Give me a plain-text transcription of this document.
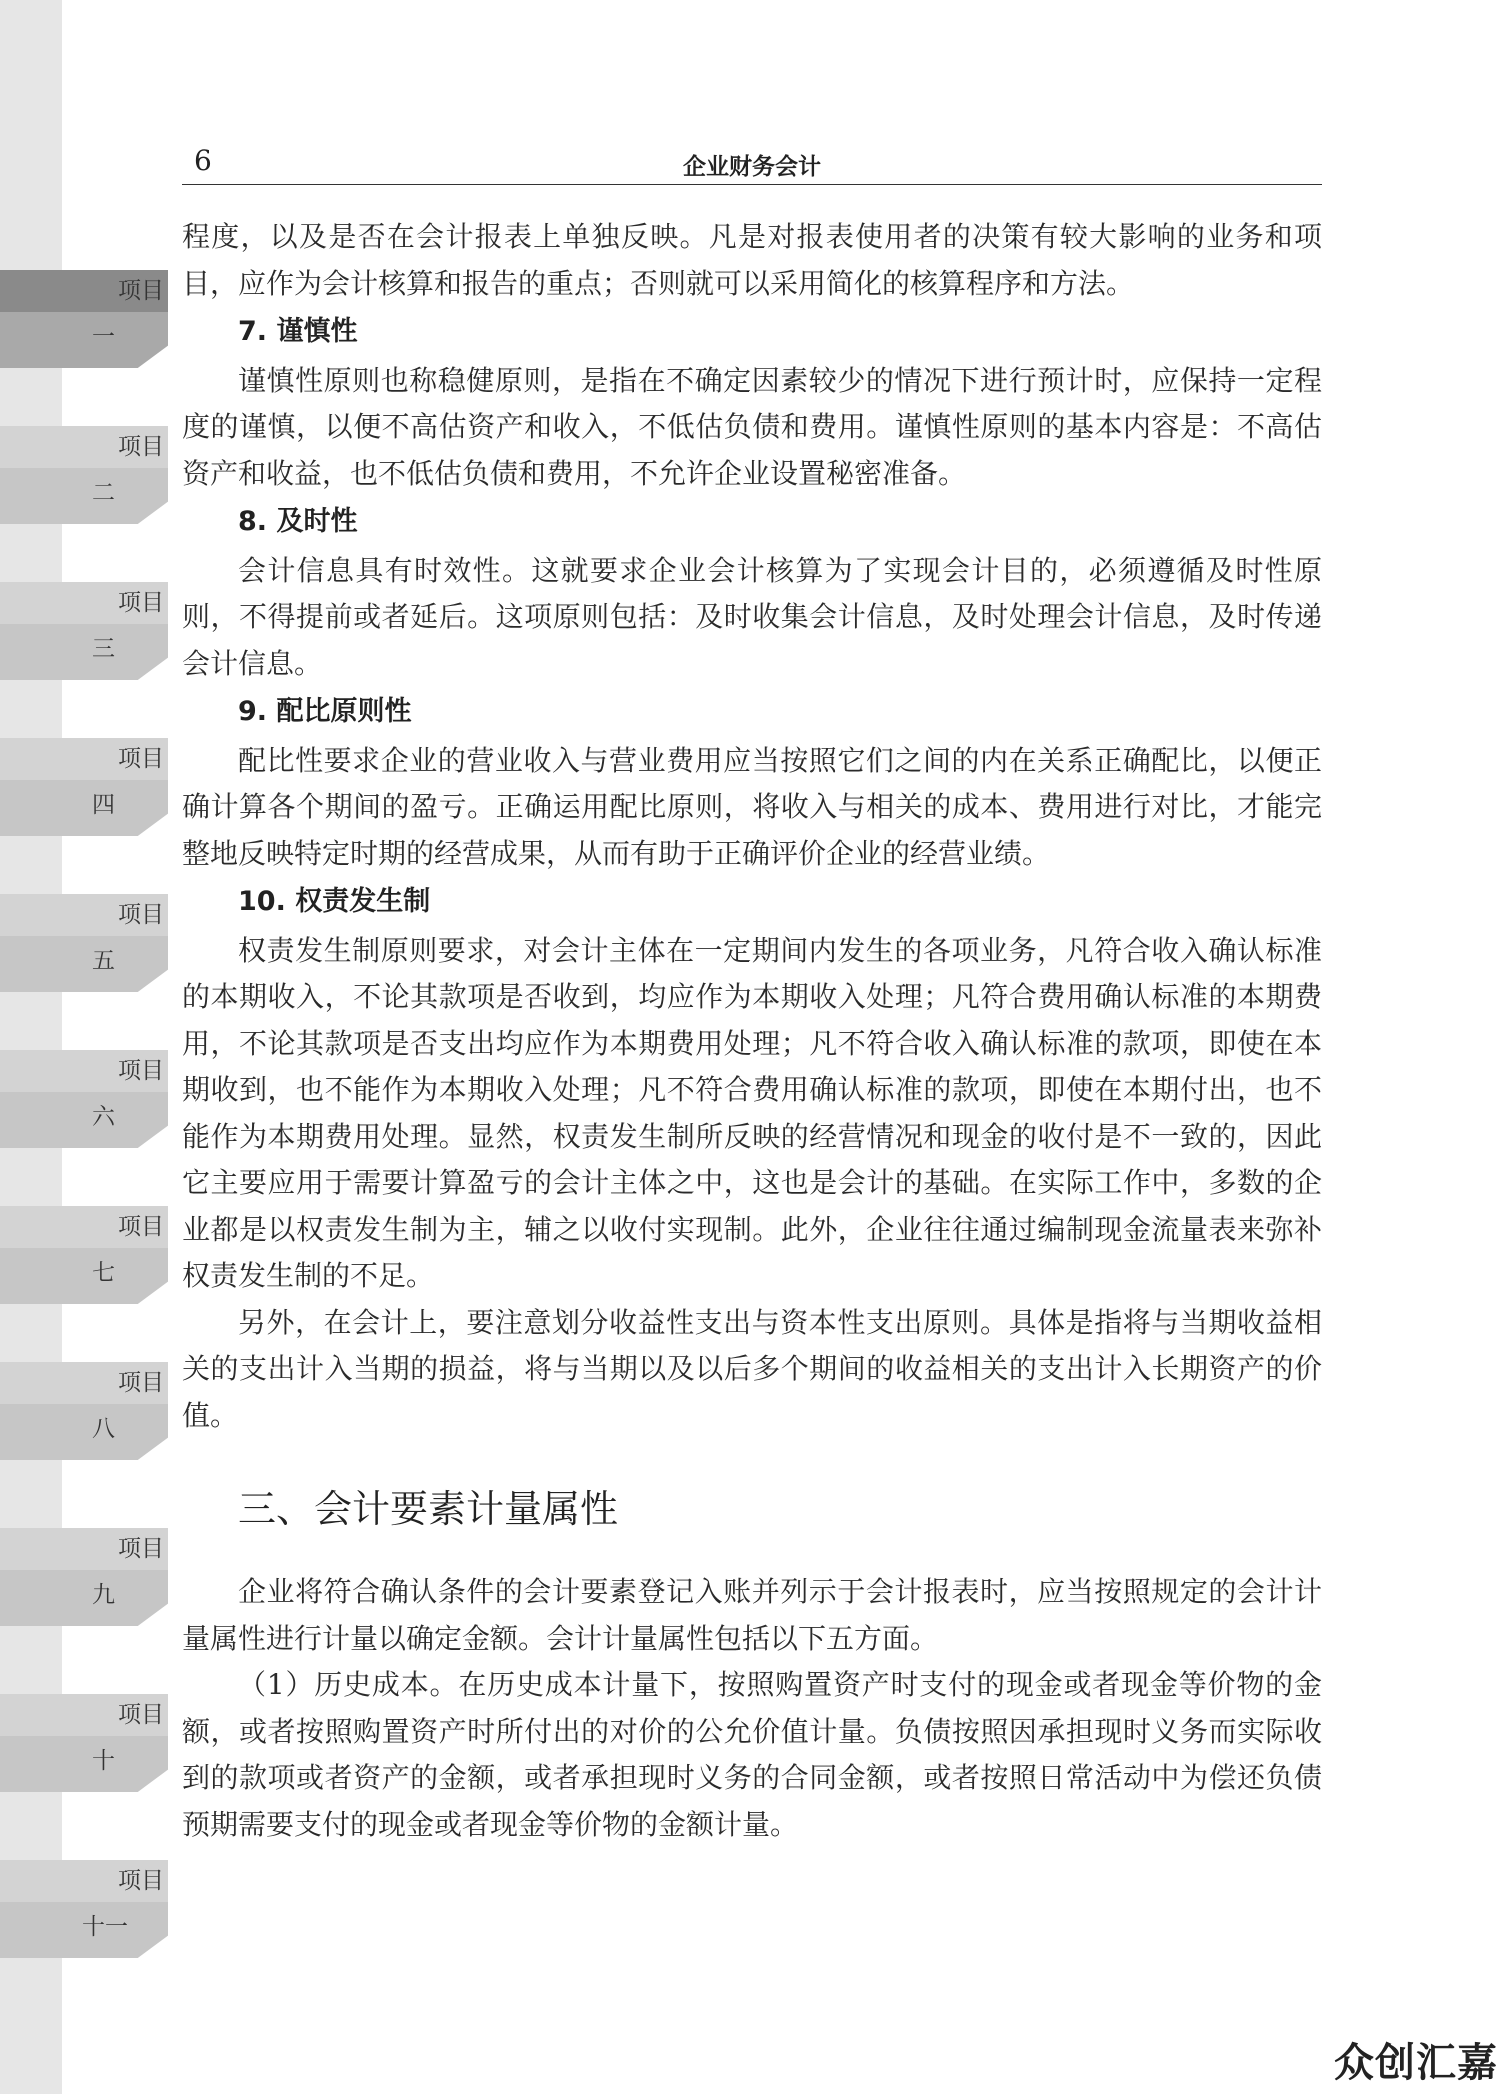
项目
一
项目
二
项目
三
项目
四
项目
五
项目
六
项目
七
项目
八
项目
九
项目
十
项目
十一
6	企业财务会计

程度，以及是否在会计报表上单独反映。凡是对报表使用者的决策有较大影响的业务和项目，应作为会计核算和报告的重点；否则就可以采用简化的核算程序和方法。

7. 谨慎性

谨慎性原则也称稳健原则，是指在不确定因素较少的情况下进行预计时，应保持一定程度的谨慎，以便不高估资产和收入，不低估负债和费用。谨慎性原则的基本内容是：不高估资产和收益，也不低估负债和费用，不允许企业设置秘密准备。

8. 及时性

会计信息具有时效性。这就要求企业会计核算为了实现会计目的，必须遵循及时性原则，不得提前或者延后。这项原则包括：及时收集会计信息，及时处理会计信息，及时传递会计信息。

9. 配比原则性

配比性要求企业的营业收入与营业费用应当按照它们之间的内在关系正确配比，以便正确计算各个期间的盈亏。正确运用配比原则，将收入与相关的成本、费用进行对比，才能完整地反映特定时期的经营成果，从而有助于正确评价企业的经营业绩。

10. 权责发生制

权责发生制原则要求，对会计主体在一定期间内发生的各项业务，凡符合收入确认标准的本期收入，不论其款项是否收到，均应作为本期收入处理；凡符合费用确认标准的本期费用，不论其款项是否支出均应作为本期费用处理；凡不符合收入确认标准的款项，即使在本期收到，也不能作为本期收入处理；凡不符合费用确认标准的款项，即使在本期付出，也不能作为本期费用处理。显然，权责发生制所反映的经营情况和现金的收付是不一致的，因此它主要应用于需要计算盈亏的会计主体之中，这也是会计的基础。在实际工作中，多数的企业都是以权责发生制为主，辅之以收付实现制。此外，企业往往通过编制现金流量表来弥补权责发生制的不足。

另外，在会计上，要注意划分收益性支出与资本性支出原则。具体是指将与当期收益相关的支出计入当期的损益，将与当期以及以后多个期间的收益相关的支出计入长期资产的价值。

三、会计要素计量属性

企业将符合确认条件的会计要素登记入账并列示于会计报表时，应当按照规定的会计计量属性进行计量以确定金额。会计计量属性包括以下五方面。

（1）历史成本。在历史成本计量下，按照购置资产时支付的现金或者现金等价物的金额，或者按照购置资产时所付出的对价的公允价值计量。负债按照因承担现时义务而实际收到的款项或者资产的金额，或者承担现时义务的合同金额，或者按照日常活动中为偿还负债预期需要支付的现金或者现金等价物的金额计量。

众创汇嘉
